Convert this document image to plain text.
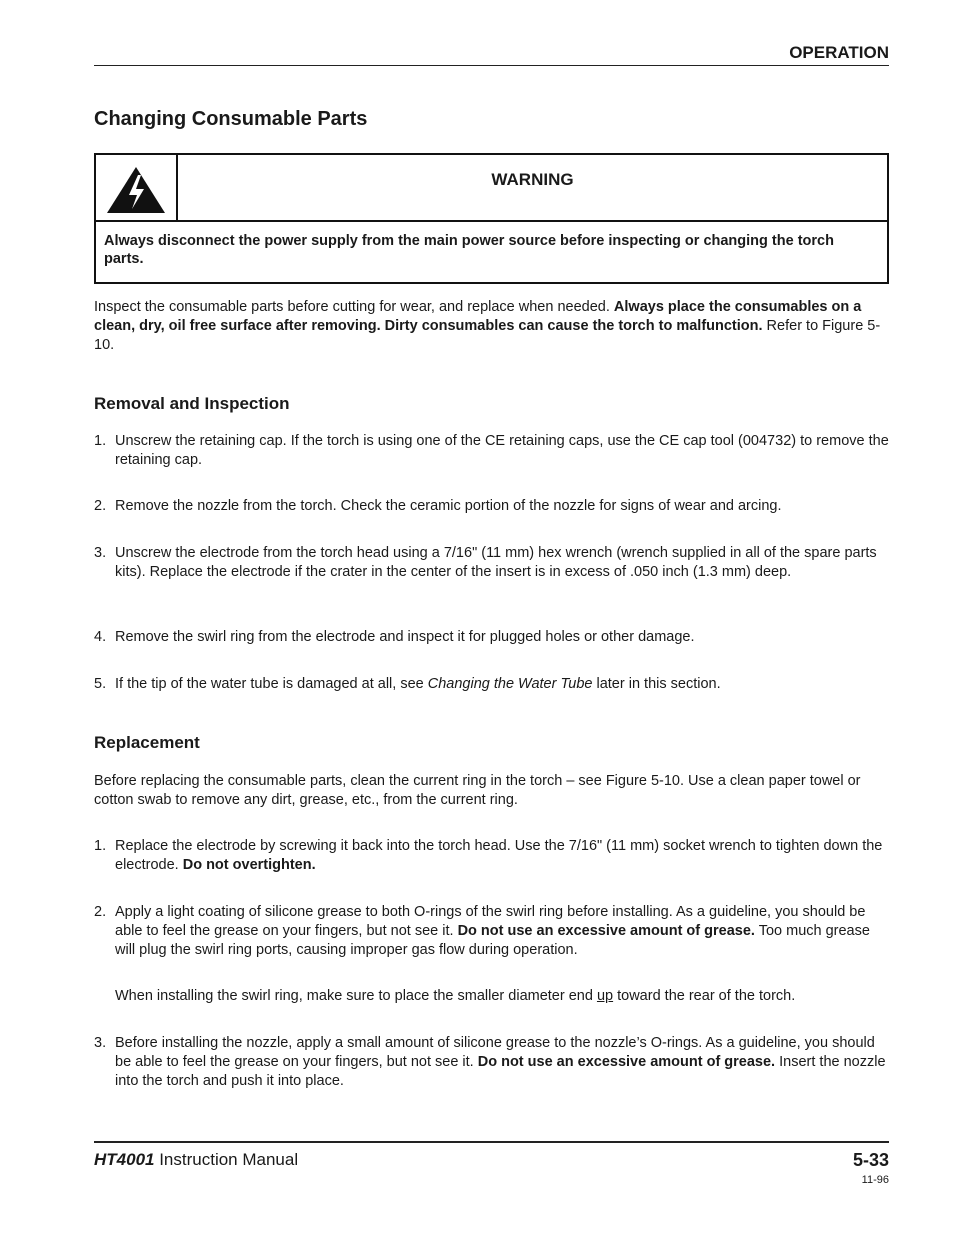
OPERATION
Changing Consumable Parts
WARNING
Always disconnect the power supply from the main power source before inspecting or changing the torch parts.
Inspect the consumable parts before cutting for wear, and replace when needed. Always place the consumables on a clean, dry, oil free surface after removing. Dirty consumables can cause the torch to malfunction. Refer to Figure 5-10.
Removal and Inspection
1. Unscrew the retaining cap. If the torch is using one of the CE retaining caps, use the CE cap tool (004732) to remove the retaining cap.
2. Remove the nozzle from the torch. Check the ceramic portion of the nozzle for signs of wear and arcing.
3. Unscrew the electrode from the torch head using a 7/16" (11 mm) hex wrench (wrench supplied in all of the spare parts kits). Replace the electrode if the crater in the center of the insert is in excess of .050 inch (1.3 mm) deep.
4. Remove the swirl ring from the electrode and inspect it for plugged holes or other damage.
5. If the tip of the water tube is damaged at all, see Changing the Water Tube later in this section.
Replacement
Before replacing the consumable parts, clean the current ring in the torch – see Figure 5-10. Use a clean paper towel or cotton swab to remove any dirt, grease, etc., from the current ring.
1. Replace the electrode by screwing it back into the torch head. Use the 7/16" (11 mm) socket wrench to tighten down the electrode. Do not overtighten.
2. Apply a light coating of silicone grease to both O-rings of the swirl ring before installing. As a guideline, you should be able to feel the grease on your fingers, but not see it. Do not use an excessive amount of grease. Too much grease will plug the swirl ring ports, causing improper gas flow during operation.
When installing the swirl ring, make sure to place the smaller diameter end up toward the rear of the torch.
3. Before installing the nozzle, apply a small amount of silicone grease to the nozzle’s O-rings. As a guideline, you should be able to feel the grease on your fingers, but not see it. Do not use an excessive amount of grease. Insert the nozzle into the torch and push it into place.
HT4001 Instruction Manual	5-33
11-96
